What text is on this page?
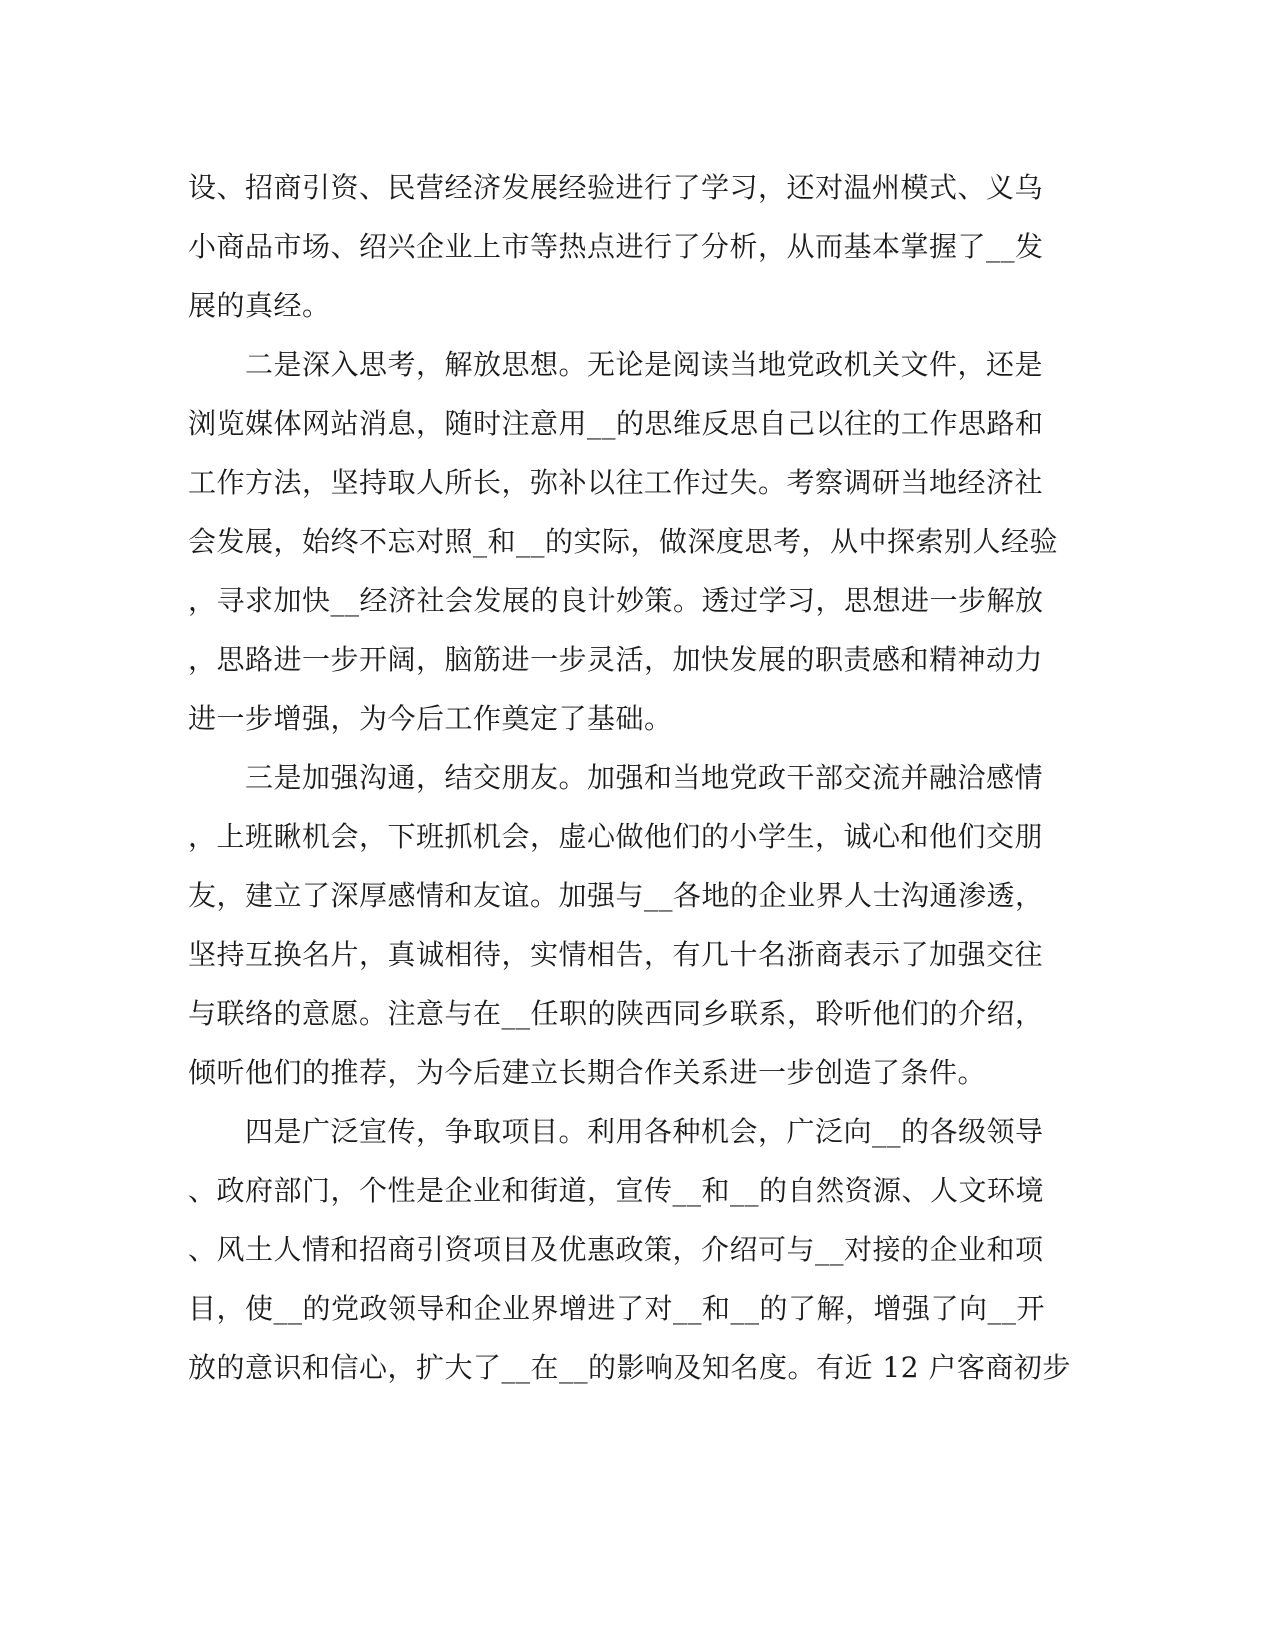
设、招商引资、民营经济发展经验进行了学习，还对温州模式、义乌
小商品市场、绍兴企业上市等热点进行了分析，从而基本掌握了__发
展的真经。
　　二是深入思考，解放思想。无论是阅读当地党政机关文件，还是
浏览媒体网站消息，随时注意用__的思维反思自己以往的工作思路和
工作方法，坚持取人所长，弥补以往工作过失。考察调研当地经济社
会发展，始终不忘对照_和__的实际，做深度思考，从中探索别人经验
，寻求加快__经济社会发展的良计妙策。透过学习，思想进一步解放
，思路进一步开阔，脑筋进一步灵活，加快发展的职责感和精神动力
进一步增强，为今后工作奠定了基础。
　　三是加强沟通，结交朋友。加强和当地党政干部交流并融洽感情
，上班瞅机会，下班抓机会，虚心做他们的小学生，诚心和他们交朋
友，建立了深厚感情和友谊。加强与__各地的企业界人士沟通渗透，
坚持互换名片，真诚相待，实情相告，有几十名浙商表示了加强交往
与联络的意愿。注意与在__任职的陕西同乡联系，聆听他们的介绍，
倾听他们的推荐，为今后建立长期合作关系进一步创造了条件。
　　四是广泛宣传，争取项目。利用各种机会，广泛向__的各级领导
、政府部门，个性是企业和街道，宣传__和__的自然资源、人文环境
、风土人情和招商引资项目及优惠政策，介绍可与__对接的企业和项
目，使__的党政领导和企业界增进了对__和__的了解，增强了向__开
放的意识和信心，扩大了__在__的影响及知名度。有近 12 户客商初步
